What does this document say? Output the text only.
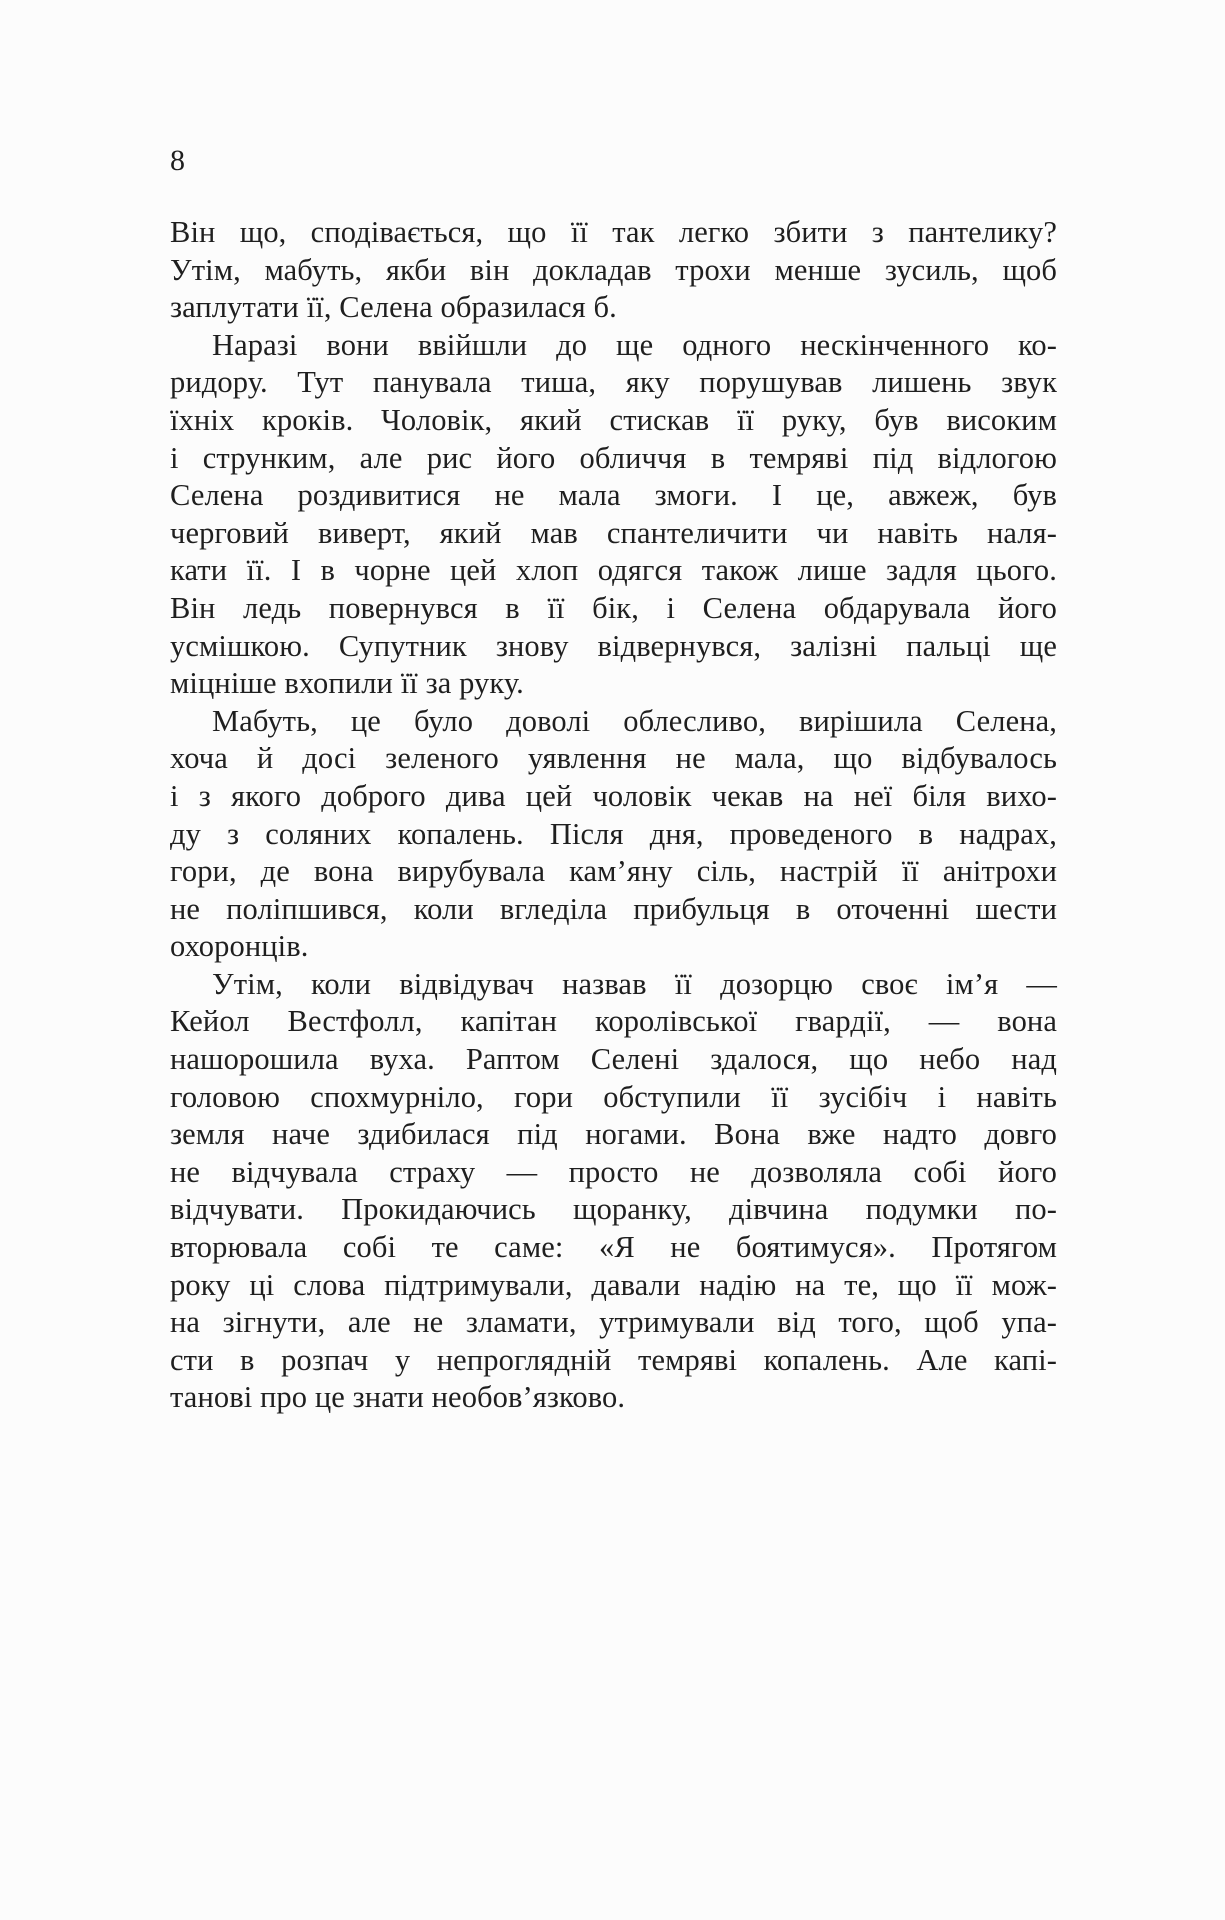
8
Він що, сподівається, що її так легко збити з пантелику?
Утім, мабуть, якби він докладав трохи менше зусиль, щоб
заплутати її, Селена образилася б.
Наразі вони ввійшли до ще одного нескінченного ко-
ридору. Тут панувала тиша, яку порушував лишень звук
їхніх кроків. Чоловік, який стискав її руку, був високим
і струнким, але рис його обличчя в темряві під відлогою
Селена роздивитися не мала змоги. І це, авжеж, був
черговий виверт, який мав спантеличити чи навіть наля-
кати її. І в чорне цей хлоп одягся також лише задля цього.
Він ледь повернувся в її бік, і Селена обдарувала його
усмішкою. Супутник знову відвернувся, залізні пальці ще
міцніше вхопили її за руку.
Мабуть, це було доволі облесливо, вирішила Селена,
хоча й досі зеленого уявлення не мала, що відбувалось
і з якого доброго дива цей чоловік чекав на неї біля вихо-
ду з соляних копалень. Після дня, проведеного в надрах,
гори, де вона вирубувала кам’яну сіль, настрій її анітрохи
не поліпшився, коли вгледіла прибульця в оточенні шести
охоронців.
Утім, коли відвідувач назвав її дозорцю своє ім’я —
Кейол Вестфолл, капітан королівської гвардії, — вона
нашорошила вуха. Раптом Селені здалося, що небо над
головою спохмурніло, гори обступили її зусібіч і навіть
земля наче здибилася під ногами. Вона вже надто довго
не відчувала страху — просто не дозволяла собі його
відчувати. Прокидаючись щоранку, дівчина подумки по-
вторювала собі те саме: «Я не боятимуся». Протягом
року ці слова підтримували, давали надію на те, що її мож-
на зігнути, але не зламати, утримували від того, щоб упа-
сти в розпач у непроглядній темряві копалень. Але капі-
танові про це знати необов’язково.
